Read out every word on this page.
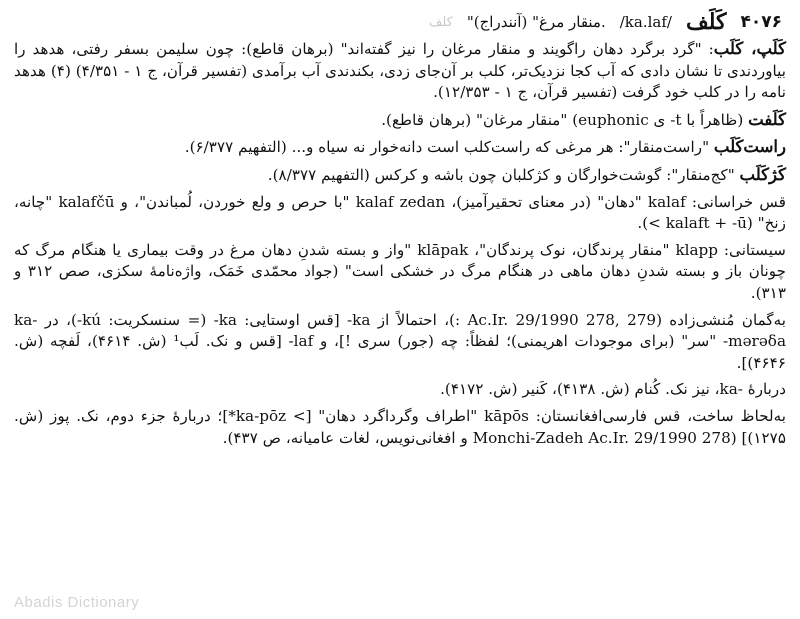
۴۰۷۶
کَلَف
/ka.laf/
"منقار مرغ" (آنندراج).
کلف

کَلَپ، کَلَب: "گرد برگرد دهان راگویند و منقار مرغان را نیز گفته‌اند" (برهان قاطع): چون سلیمن بسفر رفتی، هدهد را بیاوردندی تا نشان دادی که آب کجا نزدیک‌تر، کلب بر آن‌جای زدی، بکندندی آب برآمدی (تفسیر قرآن، ج ۱ - ۴/۳۵۱) (۴) هدهد نامه را در کلب خود گرفت (تفسیر قرآن، ج ۱ - ۱۲/۳۵۳).

کَلَفت (ظاهراً با t- ی euphonic) "منقار مرغان" (برهان قاطع).

راست‌کَلَب "راست‌منقار": هر مرغی که راست‌کلب است دانه‌خوار نه سیاه و... (التفهیم ۶/۳۷۷).

کَژکَلَب "کج‌منقار": گوشت‌خوارگان و کژکلبان چون باشه و کرکس (التفهیم ۸/۳۷۷).

قس خراسانی: kalaf "دهان" (در معنای تحقیرآمیز)، kalaf zedan "با حرص و ولع خوردن، لُمباندن"، و kalafčū "چانه، زنخ" (kalaft + -ū >).

سیستانی: klapp "منقار پرندگان، نوک پرندگان"، klāpak "واز و بسته شدنِ دهان مرغ در وقت بیماری یا هنگام مرگ که چونان باز و بسته شدنِ دهان ماهی در هنگام مرگ در خشکی است" (جواد محمّدی خَمَک، واژه‌نامهٔ سکزی، صص ۳۱۲ و ۳۱۳).

به‌گمان مُنشی‌زاده (Ac.Ir. 29/1990 278, 279 :)، احتمالاً از ka- [قس اوستایی: ka- (= سنسکریت: kú-)، در ka-mərəδa- "سر" (برای موجودات اهریمنی)؛ لفظاً: چه (جور) سری !]، و laf- [قس و نک. لَب¹ (ش. ۴۶۱۴)، لَفچه (ش. ۴۶۴۶)].

دربارهٔ -ka، نیز نک. کُنام (ش. ۴۱۳۸)، کَنیر (ش. ۴۱۷۲).

به‌لحاظ ساخت، قس فارسی‌افغانستان: kāpōs "اطراف وگرداگرد دهان" [> ka-pōz*]؛ دربارهٔ جزء دوم، نک. پوز (ش. ۱۲۷۵)] (Monchi-Zadeh Ac.Ir. 29/1990 278 و افغانی‌نویس، لغات عامیانه، ص ۴۳۷).

Abadis Dictionary
